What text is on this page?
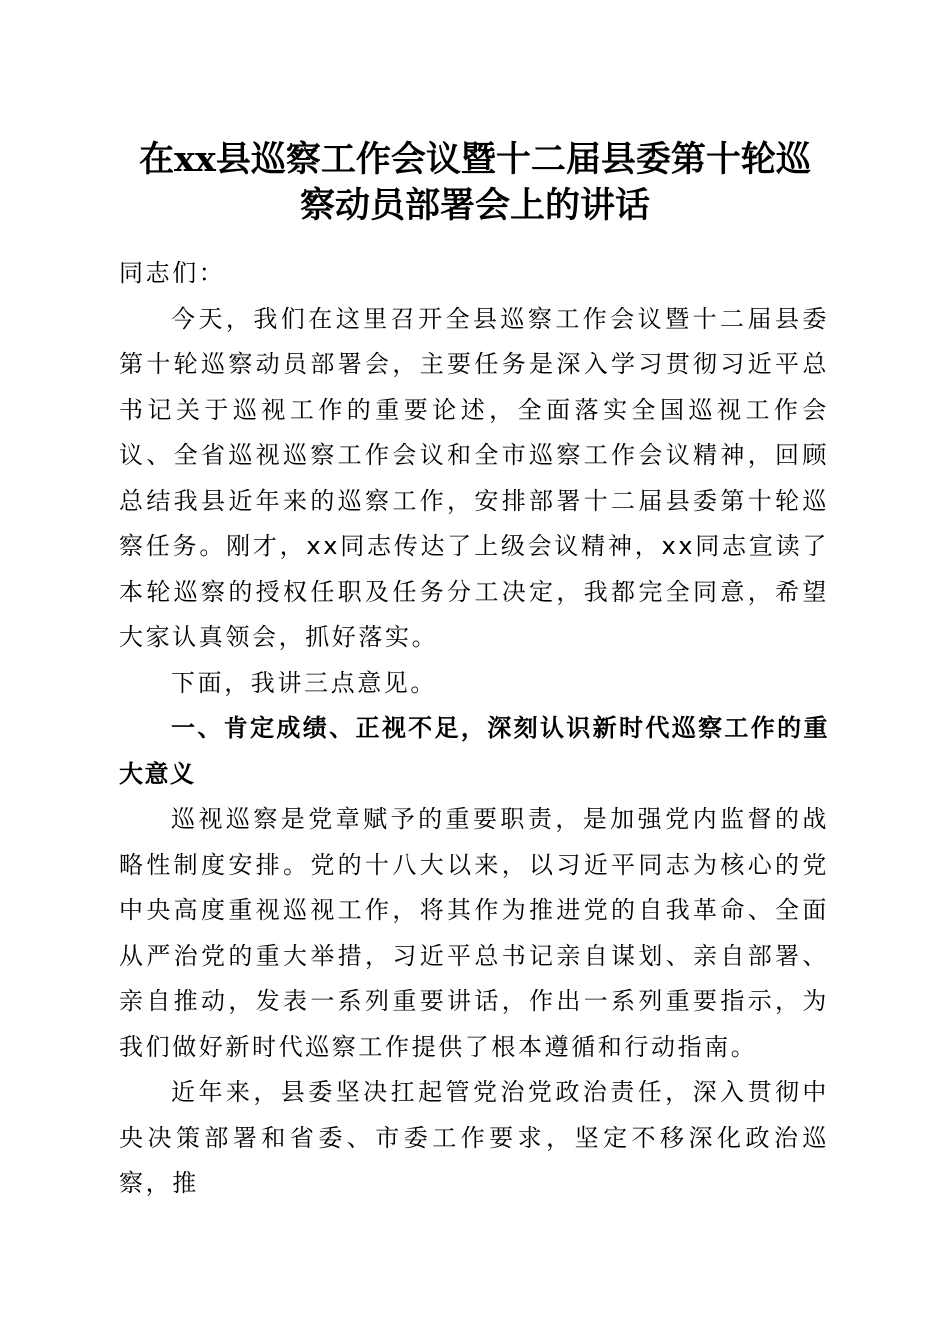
在xx县巡察工作会议暨十二届县委第十轮巡
察动员部署会上的讲话

同志们：

今天，我们在这里召开全县巡察工作会议暨十二届县委第十轮巡察动员部署会，主要任务是深入学习贯彻习近平总书记关于巡视工作的重要论述，全面落实全国巡视工作会议、全省巡视巡察工作会议和全市巡察工作会议精神，回顾总结我县近年来的巡察工作，安排部署十二届县委第十轮巡察任务。刚才，xx同志传达了上级会议精神，xx同志宣读了本轮巡察的授权任职及任务分工决定，我都完全同意，希望大家认真领会，抓好落实。

下面，我讲三点意见。

一、肯定成绩、正视不足，深刻认识新时代巡察工作的重大意义

巡视巡察是党章赋予的重要职责，是加强党内监督的战略性制度安排。党的十八大以来，以习近平同志为核心的党中央高度重视巡视工作，将其作为推进党的自我革命、全面从严治党的重大举措，习近平总书记亲自谋划、亲自部署、亲自推动，发表一系列重要讲话，作出一系列重要指示，为我们做好新时代巡察工作提供了根本遵循和行动指南。

近年来，县委坚决扛起管党治党政治责任，深入贯彻中央决策部署和省委、市委工作要求，坚定不移深化政治巡察，推
